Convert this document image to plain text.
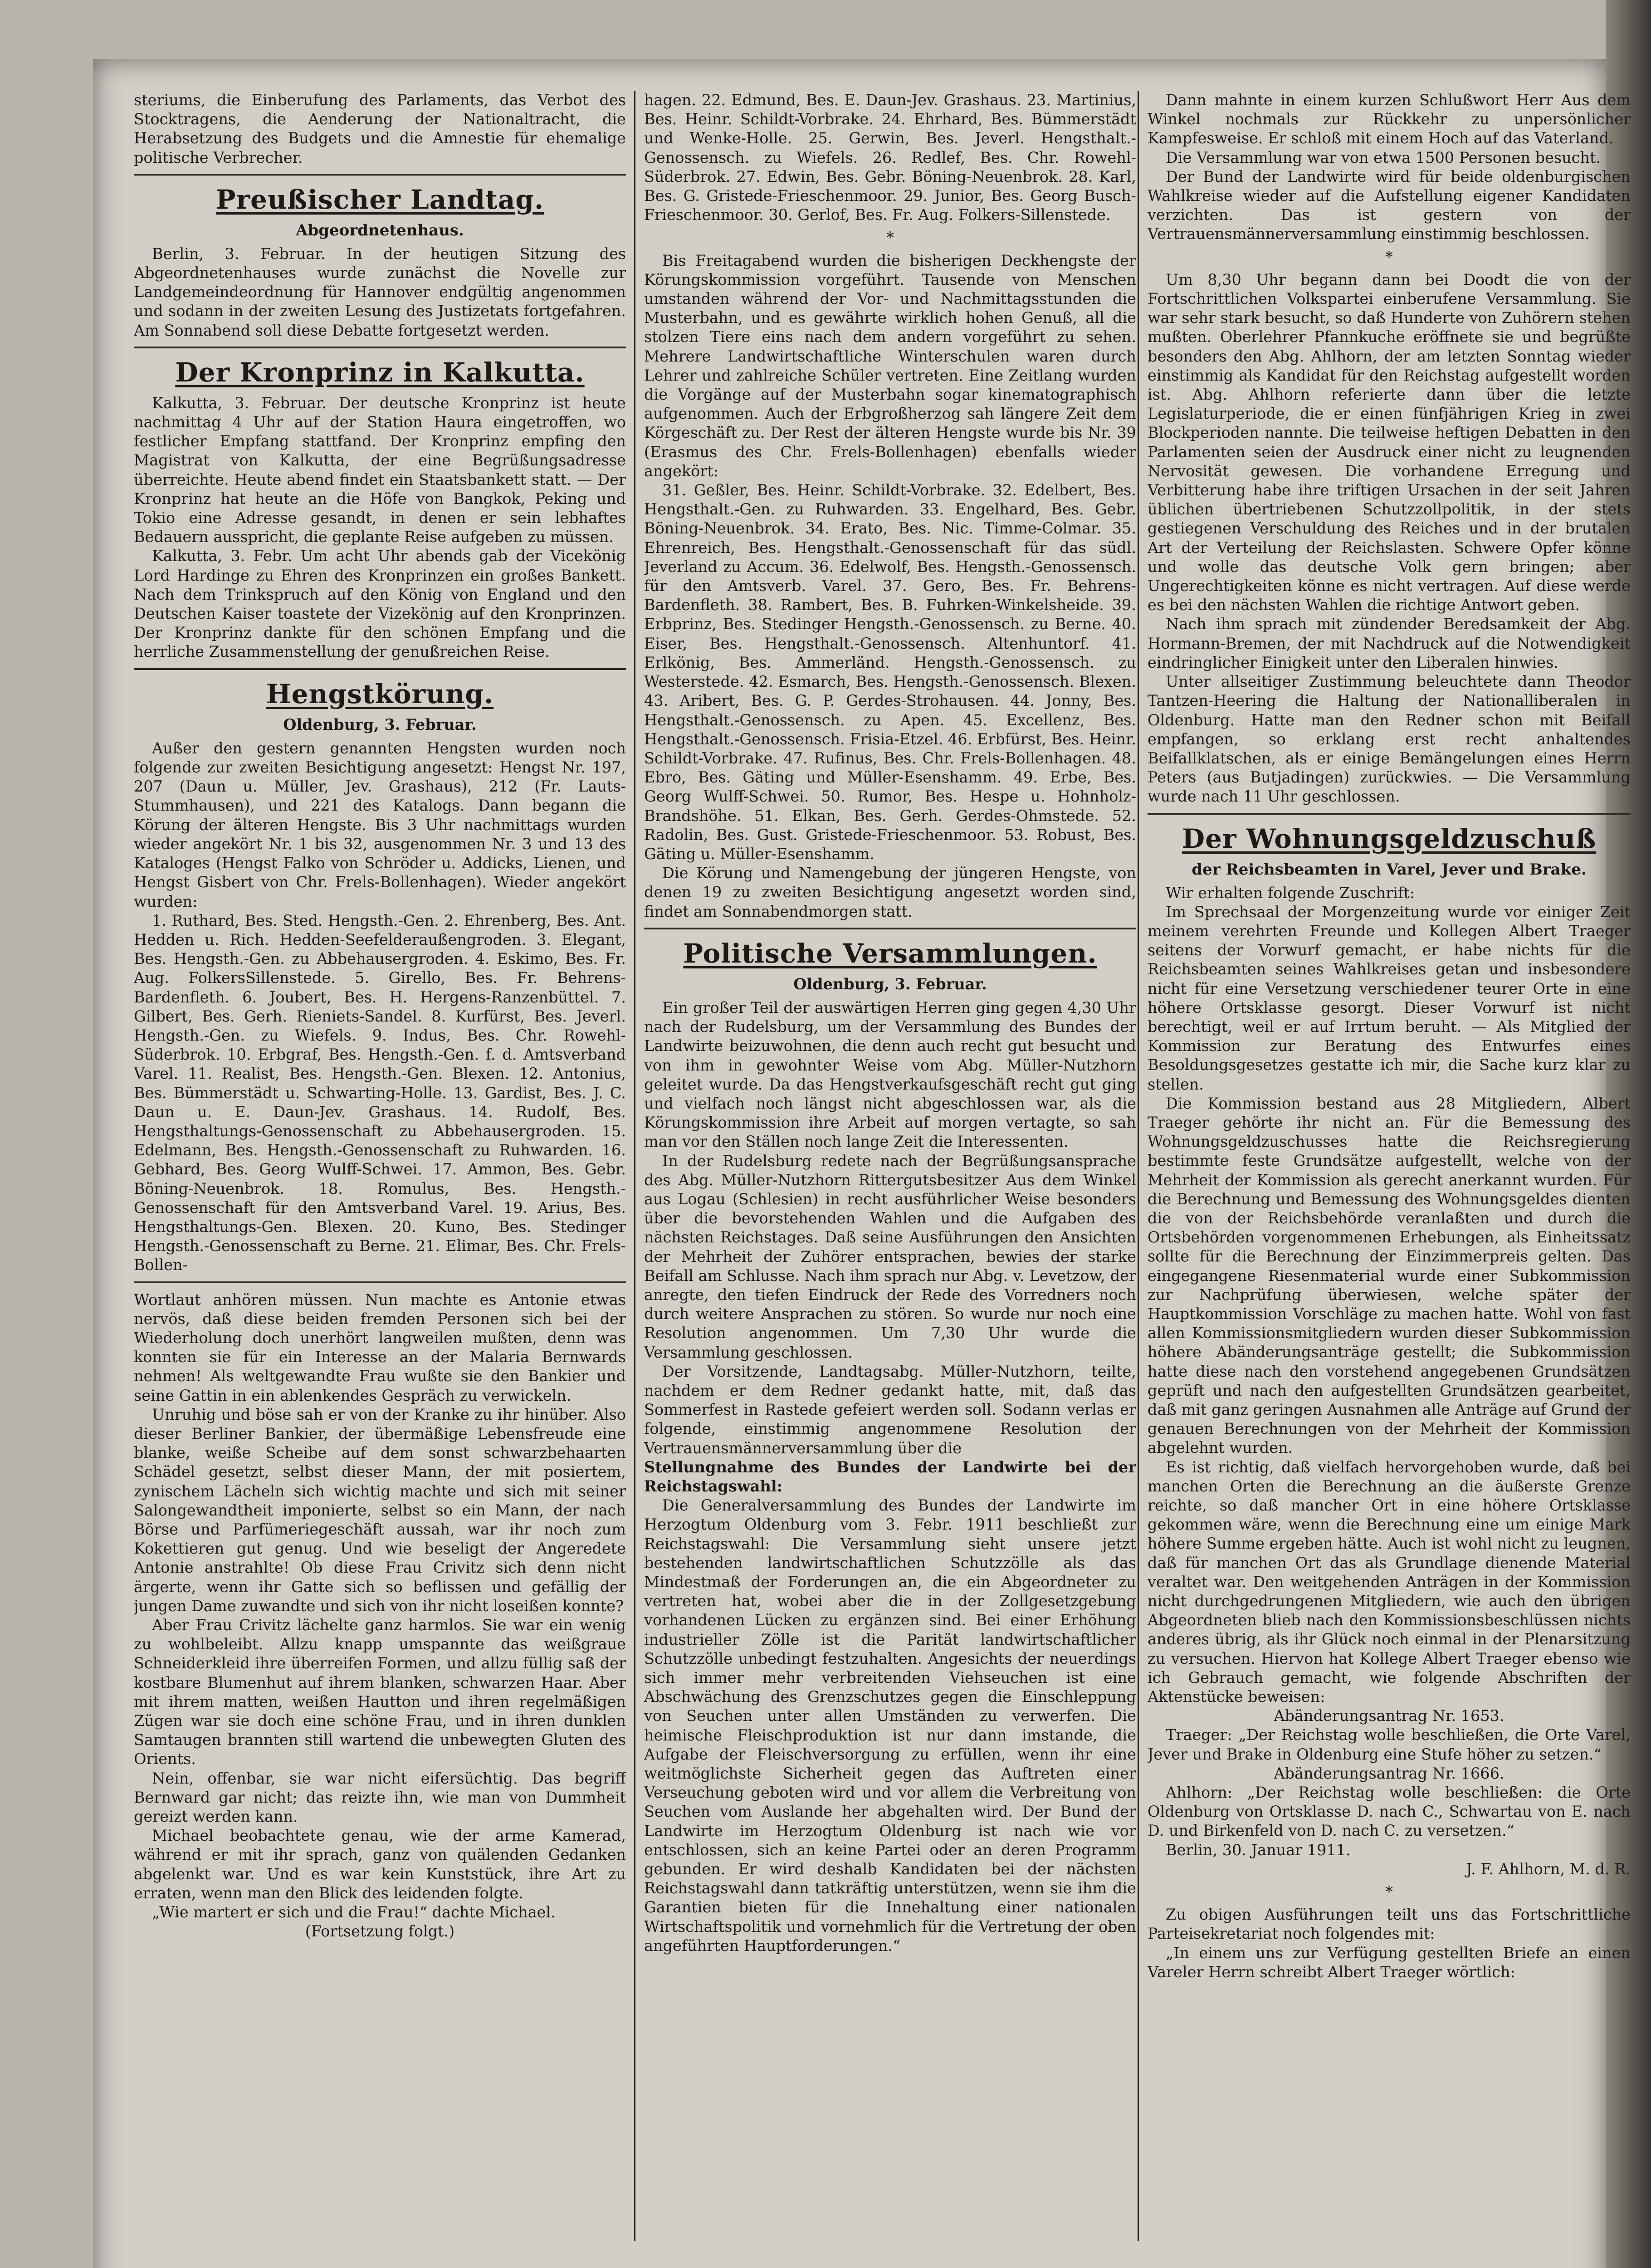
steriums, die Einberufung des Parlaments, das Verbot des Stocktragens, die Aenderung der Nationaltracht, die Herabsetzung des Budgets und die Amnestie für ehemalige politische Verbrecher.

Preußischer Landtag.
Abgeordnetenhaus.

Berlin, 3. Februar. In der heutigen Sitzung des Abgeordnetenhauses wurde zunächst die Novelle zur Landgemeindeordnung für Hannover endgültig angenommen und sodann in der zweiten Lesung des Justizetats fortgefahren. Am Sonnabend soll diese Debatte fortgesetzt werden.

Der Kronprinz in Kalkutta.

Kalkutta, 3. Februar. Der deutsche Kronprinz ist heute nachmittag 4 Uhr auf der Station Haura eingetroffen, wo festlicher Empfang stattfand. Der Kronprinz empfing den Magistrat von Kalkutta, der eine Begrüßungsadresse überreichte. Heute abend findet ein Staatsbankett statt. — Der Kronprinz hat heute an die Höfe von Bangkok, Peking und Tokio eine Adresse gesandt, in denen er sein lebhaftes Bedauern ausspricht, die geplante Reise aufgeben zu müssen.

Kalkutta, 3. Febr. Um acht Uhr abends gab der Vicekönig Lord Hardinge zu Ehren des Kronprinzen ein großes Bankett. Nach dem Trinkspruch auf den König von England und den Deutschen Kaiser toastete der Vizekönig auf den Kronprinzen. Der Kronprinz dankte für den schönen Empfang und die herrliche Zusammenstellung der genußreichen Reise.

Hengstkörung.
Oldenburg, 3. Februar.

Außer den gestern genannten Hengsten wurden noch folgende zur zweiten Besichtigung angesetzt: Hengst Nr. 197, 207 (Daun u. Müller, Jev. Grashaus), 212 (Fr. Lauts-Stummhausen), und 221 des Katalogs. Dann begann die Körung der älteren Hengste. Bis 3 Uhr nachmittags wurden wieder angekört Nr. 1 bis 32, ausgenommen Nr. 3 und 13 des Kataloges (Hengst Falko von Schröder u. Addicks, Lienen, und Hengst Gisbert von Chr. Frels-Bollenhagen). Wieder angekört wurden:

1. Ruthard, Bes. Sted. Hengsth.-Gen. 2. Ehrenberg, Bes. Ant. Hedden u. Rich. Hedden-Seefelderaußengroden. 3. Elegant, Bes. Hengsth.-Gen. zu Abbehausergroden. 4. Eskimo, Bes. Fr. Aug. FolkersSillenstede. 5. Girello, Bes. Fr. Behrens-Bardenfleth. 6. Joubert, Bes. H. Hergens-Ranzenbüttel. 7. Gilbert, Bes. Gerh. Rieniets-Sandel. 8. Kurfürst, Bes. Jeverl. Hengsth.-Gen. zu Wiefels. 9. Indus, Bes. Chr. Rowehl-Süderbrok. 10. Erbgraf, Bes. Hengsth.-Gen. f. d. Amtsverband Varel. 11. Realist, Bes. Hengsth.-Gen. Blexen. 12. Antonius, Bes. Bümmerstädt u. Schwarting-Holle. 13. Gardist, Bes. J. C. Daun u. E. Daun-Jev. Grashaus. 14. Rudolf, Bes. Hengsthaltungs-Genossenschaft zu Abbehausergroden. 15. Edelmann, Bes. Hengsth.-Genossenschaft zu Ruhwarden. 16. Gebhard, Bes. Georg Wulff-Schwei. 17. Ammon, Bes. Gebr. Böning-Neuenbrok. 18. Romulus, Bes. Hengsth.-Genossenschaft für den Amtsverband Varel. 19. Arius, Bes. Hengsthaltungs-Gen. Blexen. 20. Kuno, Bes. Stedinger Hengsth.-Genossenschaft zu Berne. 21. Elimar, Bes. Chr. Frels-Bollen-

Wortlaut anhören müssen. Nun machte es Antonie etwas nervös, daß diese beiden fremden Personen sich bei der Wiederholung doch unerhört langweilen mußten, denn was konnten sie für ein Interesse an der Malaria Bernwards nehmen! Als weltgewandte Frau wußte sie den Bankier und seine Gattin in ein ablenkendes Gespräch zu verwickeln.

Unruhig und böse sah er von der Kranke zu ihr hinüber. Also dieser Berliner Bankier, der übermäßige Lebensfreude eine blanke, weiße Scheibe auf dem sonst schwarzbehaarten Schädel gesetzt, selbst dieser Mann, der mit posiertem, zynischem Lächeln sich wichtig machte und sich mit seiner Salongewandtheit imponierte, selbst so ein Mann, der nach Börse und Parfümeriegeschäft aussah, war ihr noch zum Kokettieren gut genug. Und wie beseligt der Angeredete Antonie anstrahlte! Ob diese Frau Crivitz sich denn nicht ärgerte, wenn ihr Gatte sich so beflissen und gefällig der jungen Dame zuwandte und sich von ihr nicht loseißen konnte?

Aber Frau Crivitz lächelte ganz harmlos. Sie war ein wenig zu wohlbeleibt. Allzu knapp umspannte das weißgraue Schneiderkleid ihre überreifen Formen, und allzu füllig saß der kostbare Blumenhut auf ihrem blanken, schwarzen Haar. Aber mit ihrem matten, weißen Hautton und ihren regelmäßigen Zügen war sie doch eine schöne Frau, und in ihren dunklen Samtaugen brannten still wartend die unbewegten Gluten des Orients.

Nein, offenbar, sie war nicht eifersüchtig. Das begriff Bernward gar nicht; das reizte ihn, wie man von Dummheit gereizt werden kann.

Michael beobachtete genau, wie der arme Kamerad, während er mit ihr sprach, ganz von quälenden Gedanken abgelenkt war. Und es war kein Kunststück, ihre Art zu erraten, wenn man den Blick des leidenden folgte.

„Wie martert er sich und die Frau!“ dachte Michael.

(Fortsetzung folgt.)

hagen. 22. Edmund, Bes. E. Daun-Jev. Grashaus. 23. Martinius, Bes. Heinr. Schildt-Vorbrake. 24. Ehrhard, Bes. Bümmerstädt und Wenke-Holle. 25. Gerwin, Bes. Jeverl. Hengsthalt.-Genossensch. zu Wiefels. 26. Redlef, Bes. Chr. Rowehl-Süderbrok. 27. Edwin, Bes. Gebr. Böning-Neuenbrok. 28. Karl, Bes. G. Gristede-Frieschenmoor. 29. Junior, Bes. Georg Busch-Frieschenmoor. 30. Gerlof, Bes. Fr. Aug. Folkers-Sillenstede.

*

Bis Freitagabend wurden die bisherigen Deckhengste der Körungskommission vorgeführt. Tausende von Menschen umstanden während der Vor- und Nachmittagsstunden die Musterbahn, und es gewährte wirklich hohen Genuß, all die stolzen Tiere eins nach dem andern vorgeführt zu sehen. Mehrere Landwirtschaftliche Winterschulen waren durch Lehrer und zahlreiche Schüler vertreten. Eine Zeitlang wurden die Vorgänge auf der Musterbahn sogar kinematographisch aufgenommen. Auch der Erbgroßherzog sah längere Zeit dem Körgeschäft zu. Der Rest der älteren Hengste wurde bis Nr. 39 (Erasmus des Chr. Frels-Bollenhagen) ebenfalls wieder angekört:

31. Geßler, Bes. Heinr. Schildt-Vorbrake. 32. Edelbert, Bes. Hengsthalt.-Gen. zu Ruhwarden. 33. Engelhard, Bes. Gebr. Böning-Neuenbrok. 34. Erato, Bes. Nic. Timme-Colmar. 35. Ehrenreich, Bes. Hengsthalt.-Genossenschaft für das südl. Jeverland zu Accum. 36. Edelwolf, Bes. Hengsth.-Genossensch. für den Amtsverb. Varel. 37. Gero, Bes. Fr. Behrens-Bardenfleth. 38. Rambert, Bes. B. Fuhrken-Winkelsheide. 39. Erbprinz, Bes. Stedinger Hengsth.-Genossensch. zu Berne. 40. Eiser, Bes. Hengsthalt.-Genossensch. Altenhuntorf. 41. Erlkönig, Bes. Ammerländ. Hengsth.-Genossensch. zu Westerstede. 42. Esmarch, Bes. Hengsth.-Genossensch. Blexen. 43. Aribert, Bes. G. P. Gerdes-Strohausen. 44. Jonny, Bes. Hengsthalt.-Genossensch. zu Apen. 45. Excellenz, Bes. Hengsthalt.-Genossensch. Frisia-Etzel. 46. Erbfürst, Bes. Heinr. Schildt-Vorbrake. 47. Rufinus, Bes. Chr. Frels-Bollenhagen. 48. Ebro, Bes. Gäting und Müller-Esenshamm. 49. Erbe, Bes. Georg Wulff-Schwei. 50. Rumor, Bes. Hespe u. Hohnholz-Brandshöhe. 51. Elkan, Bes. Gerh. Gerdes-Ohmstede. 52. Radolin, Bes. Gust. Gristede-Frieschenmoor. 53. Robust, Bes. Gäting u. Müller-Esenshamm.

Die Körung und Namengebung der jüngeren Hengste, von denen 19 zu zweiten Besichtigung angesetzt worden sind, findet am Sonnabendmorgen statt.

Politische Versammlungen.
Oldenburg, 3. Februar.

Ein großer Teil der auswärtigen Herren ging gegen 4,30 Uhr nach der Rudelsburg, um der Versammlung des Bundes der Landwirte beizuwohnen, die denn auch recht gut besucht und von ihm in gewohnter Weise vom Abg. Müller-Nutzhorn geleitet wurde. Da das Hengstverkaufsgeschäft recht gut ging und vielfach noch längst nicht abgeschlossen war, als die Körungskommission ihre Arbeit auf morgen vertagte, so sah man vor den Ställen noch lange Zeit die Interessenten.

In der Rudelsburg redete nach der Begrüßungsansprache des Abg. Müller-Nutzhorn Rittergutsbesitzer Aus dem Winkel aus Logau (Schlesien) in recht ausführlicher Weise besonders über die bevorstehenden Wahlen und die Aufgaben des nächsten Reichstages. Daß seine Ausführungen den Ansichten der Mehrheit der Zuhörer entsprachen, bewies der starke Beifall am Schlusse. Nach ihm sprach nur Abg. v. Levetzow, der anregte, den tiefen Eindruck der Rede des Vorredners noch durch weitere Ansprachen zu stören. So wurde nur noch eine Resolution angenommen. Um 7,30 Uhr wurde die Versammlung geschlossen.

Der Vorsitzende, Landtagsabg. Müller-Nutzhorn, teilte, nachdem er dem Redner gedankt hatte, mit, daß das Sommerfest in Rastede gefeiert werden soll. Sodann verlas er folgende, einstimmig angenommene Resolution der Vertrauensmännerversammlung über die

Stellungnahme des Bundes der Landwirte bei der Reichstagswahl:

Die Generalversammlung des Bundes der Landwirte im Herzogtum Oldenburg vom 3. Febr. 1911 beschließt zur Reichstagswahl: Die Versammlung sieht unsere jetzt bestehenden landwirtschaftlichen Schutzzölle als das Mindestmaß der Forderungen an, die ein Abgeordneter zu vertreten hat, wobei aber die in der Zollgesetzgebung vorhandenen Lücken zu ergänzen sind. Bei einer Erhöhung industrieller Zölle ist die Parität landwirtschaftlicher Schutzzölle unbedingt festzuhalten. Angesichts der neuerdings sich immer mehr verbreitenden Viehseuchen ist eine Abschwächung des Grenzschutzes gegen die Einschleppung von Seuchen unter allen Umständen zu verwerfen. Die heimische Fleischproduktion ist nur dann imstande, die Aufgabe der Fleischversorgung zu erfüllen, wenn ihr eine weitmöglichste Sicherheit gegen das Auftreten einer Verseuchung geboten wird und vor allem die Verbreitung von Seuchen vom Auslande her abgehalten wird. Der Bund der Landwirte im Herzogtum Oldenburg ist nach wie vor entschlossen, sich an keine Partei oder an deren Programm gebunden. Er wird deshalb Kandidaten bei der nächsten Reichstagswahl dann tatkräftig unterstützen, wenn sie ihm die Garantien bieten für die Innehaltung einer nationalen Wirtschaftspolitik und vornehmlich für die Vertretung der oben angeführten Hauptforderungen.“

Dann mahnte in einem kurzen Schlußwort Herr Aus dem Winkel nochmals zur Rückkehr zu unpersönlicher Kampfesweise. Er schloß mit einem Hoch auf das Vaterland.

Die Versammlung war von etwa 1500 Personen besucht.

Der Bund der Landwirte wird für beide oldenburgischen Wahlkreise wieder auf die Aufstellung eigener Kandidaten verzichten. Das ist gestern von der Vertrauensmännerversammlung einstimmig beschlossen.

*

Um 8,30 Uhr begann dann bei Doodt die von der Fortschrittlichen Volkspartei einberufene Versammlung. Sie war sehr stark besucht, so daß Hunderte von Zuhörern stehen mußten. Oberlehrer Pfannkuche eröffnete sie und begrüßte besonders den Abg. Ahlhorn, der am letzten Sonntag wieder einstimmig als Kandidat für den Reichstag aufgestellt worden ist. Abg. Ahlhorn referierte dann über die letzte Legislaturperiode, die er einen fünfjährigen Krieg in zwei Blockperioden nannte. Die teilweise heftigen Debatten in den Parlamenten seien der Ausdruck einer nicht zu leugnenden Nervosität gewesen. Die vorhandene Erregung und Verbitterung habe ihre triftigen Ursachen in der seit Jahren üblichen übertriebenen Schutzzollpolitik, in der stets gestiegenen Verschuldung des Reiches und in der brutalen Art der Verteilung der Reichslasten. Schwere Opfer könne und wolle das deutsche Volk gern bringen; aber Ungerechtigkeiten könne es nicht vertragen. Auf diese werde es bei den nächsten Wahlen die richtige Antwort geben.

Nach ihm sprach mit zündender Beredsamkeit der Abg. Hormann-Bremen, der mit Nachdruck auf die Notwendigkeit eindringlicher Einigkeit unter den Liberalen hinwies.

Unter allseitiger Zustimmung beleuchtete dann Theodor Tantzen-Heering die Haltung der Nationalliberalen in Oldenburg. Hatte man den Redner schon mit Beifall empfangen, so erklang erst recht anhaltendes Beifallklatschen, als er einige Bemängelungen eines Herrn Peters (aus Butjadingen) zurückwies. — Die Versammlung wurde nach 11 Uhr geschlossen.

Der Wohnungsgeldzuschuß
der Reichsbeamten in Varel, Jever und Brake.

Wir erhalten folgende Zuschrift:

Im Sprechsaal der Morgenzeitung wurde vor einiger Zeit meinem verehrten Freunde und Kollegen Albert Traeger seitens der Vorwurf gemacht, er habe nichts für die Reichsbeamten seines Wahlkreises getan und insbesondere nicht für eine Versetzung verschiedener teurer Orte in eine höhere Ortsklasse gesorgt. Dieser Vorwurf ist nicht berechtigt, weil er auf Irrtum beruht. — Als Mitglied der Kommission zur Beratung des Entwurfes eines Besoldungsgesetzes gestatte ich mir, die Sache kurz klar zu stellen.

Die Kommission bestand aus 28 Mitgliedern, Albert Traeger gehörte ihr nicht an. Für die Bemessung des Wohnungsgeldzuschusses hatte die Reichsregierung bestimmte feste Grundsätze aufgestellt, welche von der Mehrheit der Kommission als gerecht anerkannt wurden. Für die Berechnung und Bemessung des Wohnungsgeldes dienten die von der Reichsbehörde veranlaßten und durch die Ortsbehörden vorgenommenen Erhebungen, als Einheitssatz sollte für die Berechnung der Einzimmerpreis gelten. Das eingegangene Riesenmaterial wurde einer Subkommission zur Nachprüfung überwiesen, welche später der Hauptkommission Vorschläge zu machen hatte. Wohl von fast allen Kommissionsmitgliedern wurden dieser Subkommission höhere Abänderungsanträge gestellt; die Subkommission hatte diese nach den vorstehend angegebenen Grundsätzen geprüft und nach den aufgestellten Grundsätzen gearbeitet, daß mit ganz geringen Ausnahmen alle Anträge auf Grund der genauen Berechnungen von der Mehrheit der Kommission abgelehnt wurden.

Es ist richtig, daß vielfach hervorgehoben wurde, daß bei manchen Orten die Berechnung an die äußerste Grenze reichte, so daß mancher Ort in eine höhere Ortsklasse gekommen wäre, wenn die Berechnung eine um einige Mark höhere Summe ergeben hätte. Auch ist wohl nicht zu leugnen, daß für manchen Ort das als Grundlage dienende Material veraltet war. Den weitgehenden Anträgen in der Kommission nicht durchgedrungenen Mitgliedern, wie auch den übrigen Abgeordneten blieb nach den Kommissionsbeschlüssen nichts anderes übrig, als ihr Glück noch einmal in der Plenarsitzung zu versuchen. Hiervon hat Kollege Albert Traeger ebenso wie ich Gebrauch gemacht, wie folgende Abschriften der Aktenstücke beweisen:

Abänderungsantrag Nr. 1653.

Traeger: „Der Reichstag wolle beschließen, die Orte Varel, Jever und Brake in Oldenburg eine Stufe höher zu setzen.“

Abänderungsantrag Nr. 1666.

Ahlhorn: „Der Reichstag wolle beschließen: die Orte Oldenburg von Ortsklasse D. nach C., Schwartau von E. nach D. und Birkenfeld von D. nach C. zu versetzen.“

Berlin, 30. Januar 1911.

J. F. Ahlhorn, M. d. R.

*

Zu obigen Ausführungen teilt uns das Fortschrittliche Parteisekretariat noch folgendes mit:

„In einem uns zur Verfügung gestellten Briefe an einen Vareler Herrn schreibt Albert Traeger wörtlich:
